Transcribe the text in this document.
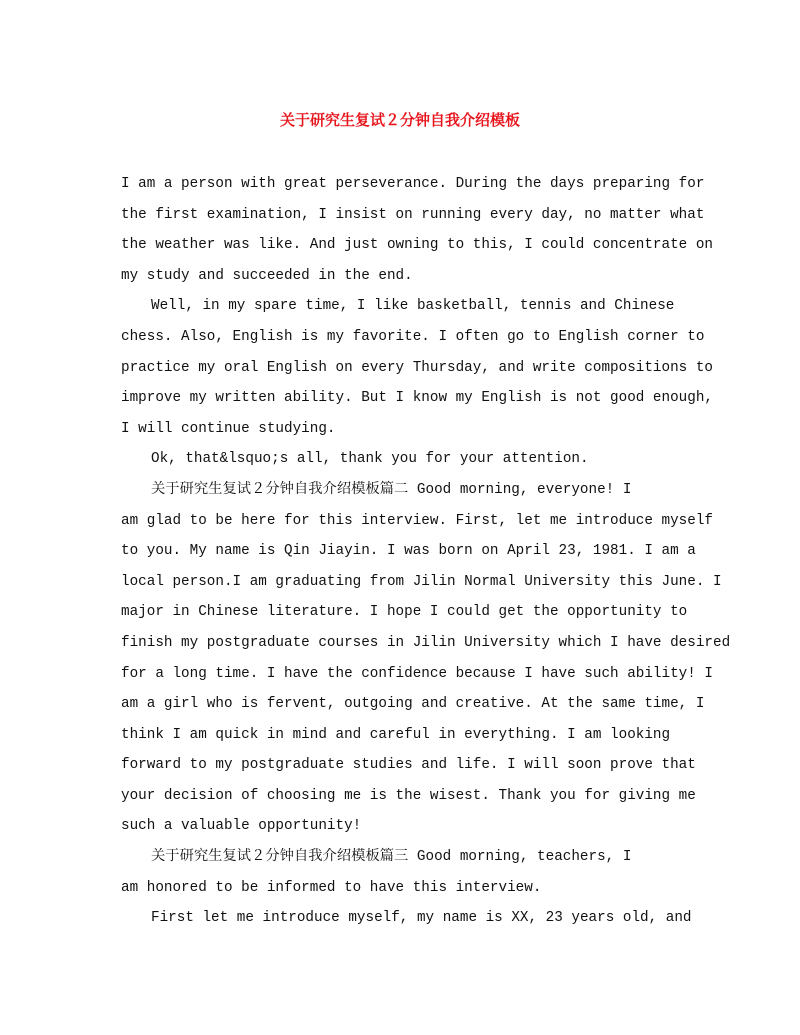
关于研究生复试２分钟自我介绍模板

I am a person with great perseverance. During the days preparing for

the first examination, I insist on running every day, no matter what

the weather was like. And just owning to this, I could concentrate on

my study and succeeded in the end.

Well, in my spare time, I like basketball, tennis and Chinese

chess. Also, English is my favorite. I often go to English corner to

practice my oral English on every Thursday, and write compositions to

improve my written ability. But I know my English is not good enough,

I will continue studying.

Ok, that&lsquo;s all, thank you for your attention.

关于研究生复试２分钟自我介绍模板篇二 Good morning, everyone! I

am glad to be here for this interview. First, let me introduce myself

to you. My name is Qin Jiayin. I was born on April 23, 1981. I am a

local person.I am graduating from Jilin Normal University this June. I

major in Chinese literature. I hope I could get the opportunity to

finish my postgraduate courses in Jilin University which I have desired

for a long time. I have the confidence because I have such ability! I

am a girl who is fervent, outgoing and creative. At the same time, I

think I am quick in mind and careful in everything. I am looking

forward to my postgraduate studies and life. I will soon prove that

your decision of choosing me is the wisest. Thank you for giving me

such a valuable opportunity!

关于研究生复试２分钟自我介绍模板篇三 Good morning, teachers, I

am honored to be informed to have this interview.

First let me introduce myself, my name is XX, 23 years old, and
